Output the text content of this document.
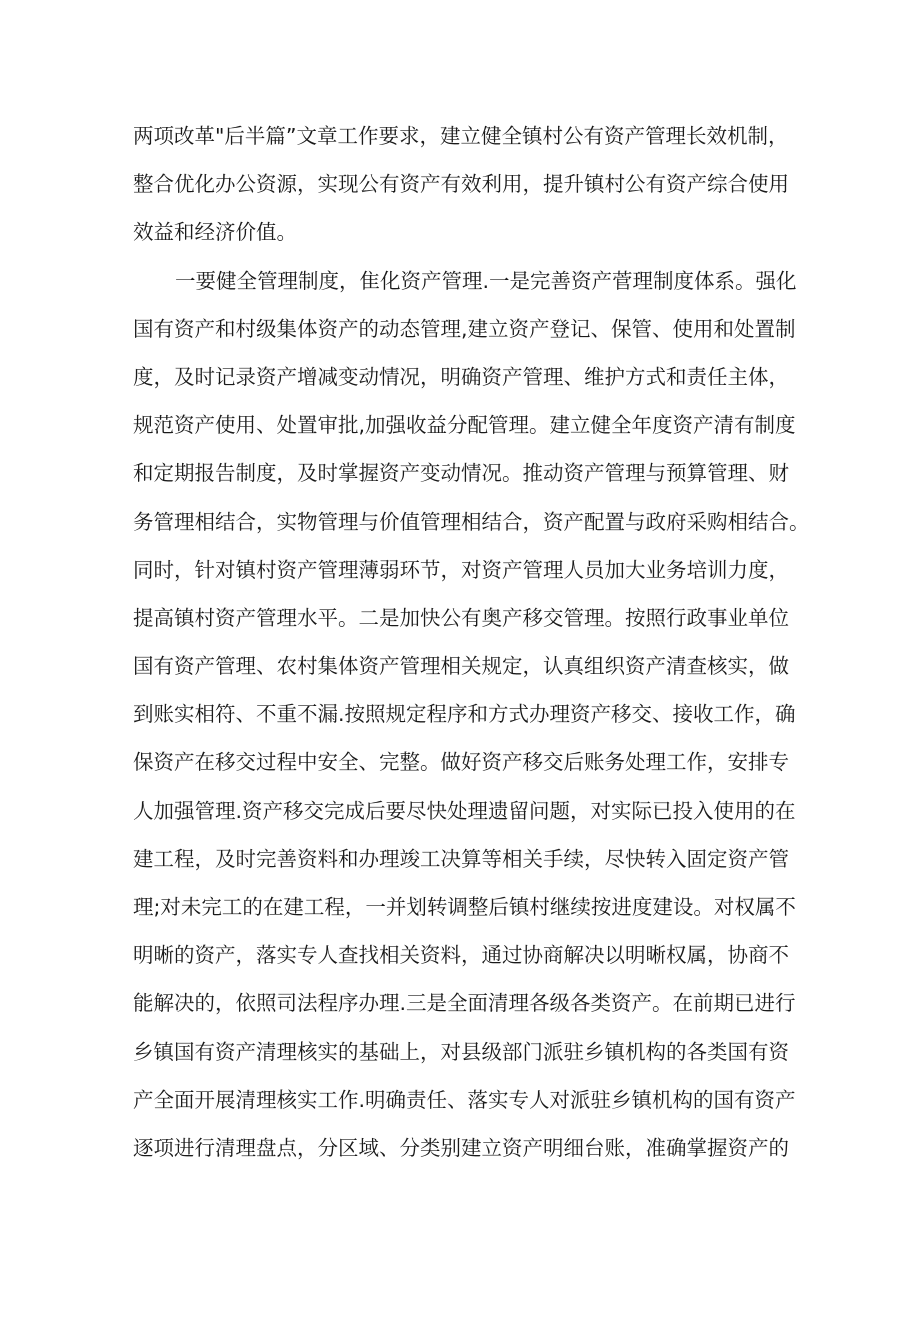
两项改革"后半篇”文章工作要求，建立健全镇村公有资产管理长效机制，
整合优化办公资源，实现公有资产有效利用，提升镇村公有资产综合使用
效益和经济价值。
一要健全管理制度，隹化资产管理.一是完善资产菅理制度体系。强化
国有资产和村级集体资产的动态管理,建立资产登记、保管、使用和处置制
度，及时记录资产增减变动情况，明确资产管理、维护方式和责任主体，
规范资产使用、处置审批,加强收益分配管理。建立健全年度资产清有制度
和定期报告制度，及时掌握资产变动情况。推动资产管理与预算管理、财
务管理相结合，实物管理与价值管理相结合，资产配置与政府采购相结合。
同时，针对镇村资产管理薄弱环节，对资产管理人员加大业务培训力度，
提高镇村资产管理水平。二是加快公有奥产移交管理。按照行政事业单位
国有资产管理、农村集体资产管理相关规定，认真组织资产清查核实，做
到账实相符、不重不漏.按照规定程序和方式办理资产移交、接收工作，确
保资产在移交过程中安全、完整。做好资产移交后账务处理工作，安排专
人加强管理.资产移交完成后要尽快处理遗留问题，对实际已投入使用的在
建工程，及时完善资料和办理竣工决算等相关手续，尽快转入固定资产管
理;对未完工的在建工程，一并划转调整后镇村继续按进度建设。对权属不
明晰的资产，落实专人查找相关资料，通过协商解决以明晰权属，协商不
能解决的，依照司法程序办理.三是全面清理各级各类资产。在前期已进行
乡镇国有资产清理核实的基础上，对县级部门派驻乡镇机构的各类国有资
产全面开展清理核实工作.明确责任、落实专人对派驻乡镇机构的国有资产
逐项进行清理盘点，分区域、分类别建立资产明细台账，准确掌握资产的
